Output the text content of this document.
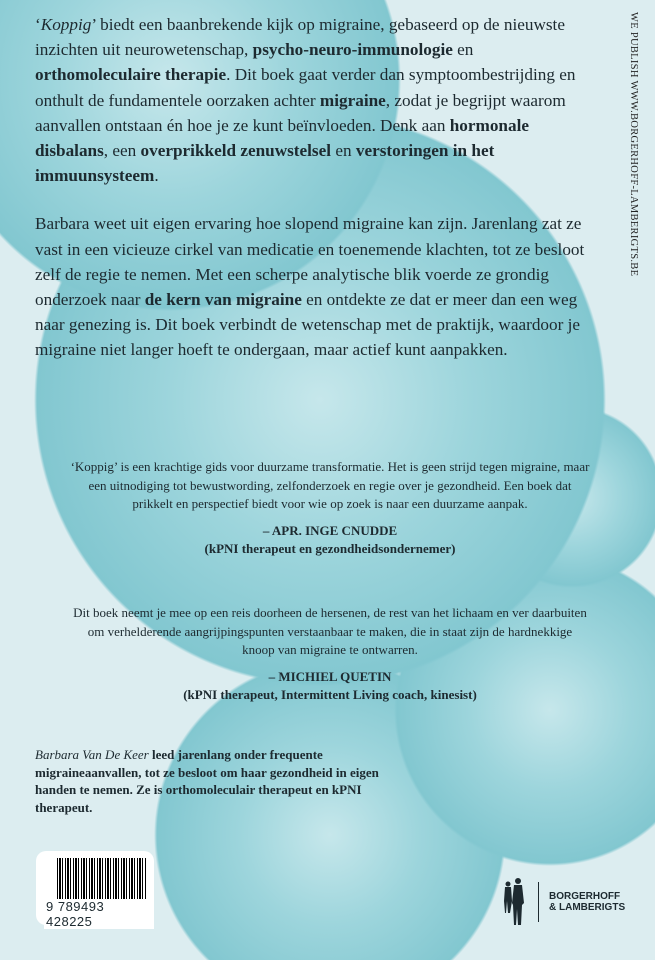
‘Koppig’ biedt een baanbrekende kijk op migraine, gebaseerd op de nieuwste inzichten uit neurowetenschap, psycho-neuro-immunologie en orthomoleculaire therapie. Dit boek gaat verder dan symptoombestrijding en onthult de fundamentele oorzaken achter migraine, zodat je begrijpt waarom aanvallen ontstaan én hoe je ze kunt beïnvloeden. Denk aan hormonale disbalans, een overprikkeld zenuwstelsel en verstoringen in het immuunsysteem.

Barbara weet uit eigen ervaring hoe slopend migraine kan zijn. Jarenlang zat ze vast in een vicieuze cirkel van medicatie en toenemende klachten, tot ze besloot zelf de regie te nemen. Met een scherpe analytische blik voerde ze grondig onderzoek naar de kern van migraine en ontdekte ze dat er meer dan een weg naar genezing is. Dit boek verbindt de wetenschap met de praktijk, waardoor je migraine niet langer hoeft te ondergaan, maar actief kunt aanpakken.

‘Koppig’ is een krachtige gids voor duurzame transformatie. Het is geen strijd tegen migraine, maar een uitnodiging tot bewustwording, zelfonderzoek en regie over je gezondheid. Een boek dat prikkelt en perspectief biedt voor wie op zoek is naar een duurzame aanpak.
– APR. INGE CNUDDE
(kPNI therapeut en gezondheidsondernemer)
Dit boek neemt je mee op een reis doorheen de hersenen, de rest van het lichaam en ver daarbuiten om verhelderende aangrijpingspunten verstaanbaar te maken, die in staat zijn de hardnekkige knoop van migraine te ontwarren.
– MICHIEL QUETIN
(kPNI therapeut, Intermittent Living coach, kinesist)
Barbara Van De Keer leed jarenlang onder frequente migraineaanvallen, tot ze besloot om haar gezondheid in eigen handen te nemen. Ze is orthomoleculair therapeut en kPNI therapeut.
WE PUBLISH WWW.BORGERHOFF-LAMBERIGTS.BE
9 789493 428225
BORGERHOFF
& LAMBERIGTS
